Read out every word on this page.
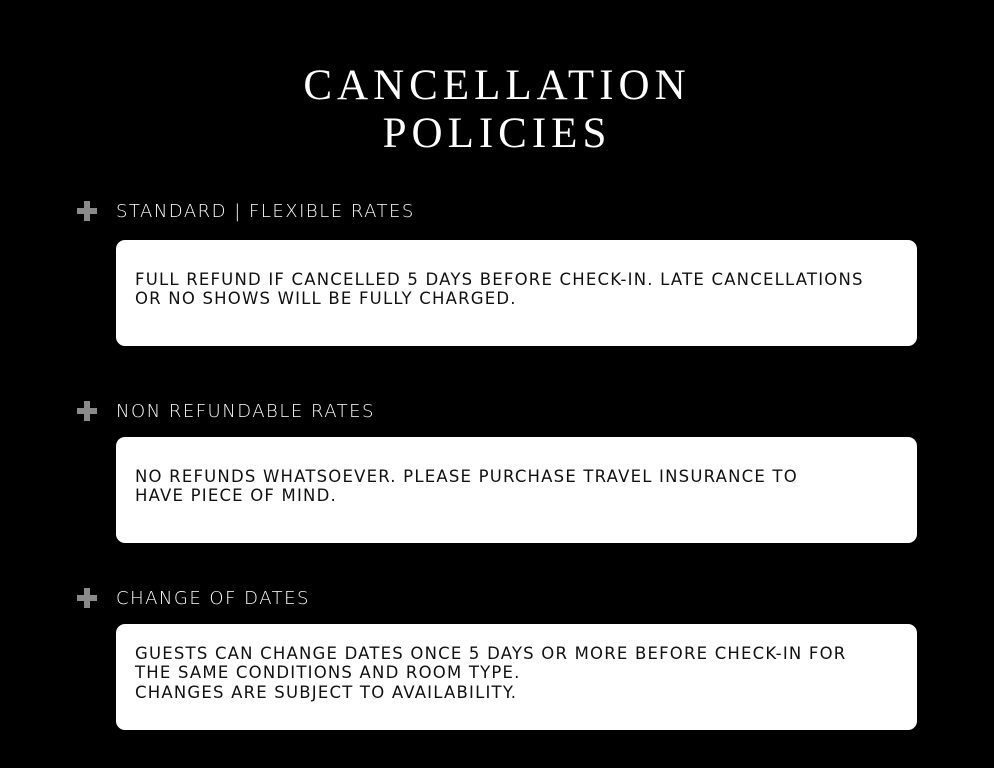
CANCELLATION
POLICIES
STANDARD | FLEXIBLE RATES
FULL REFUND IF CANCELLED 5 DAYS BEFORE CHECK-IN. LATE CANCELLATIONS
OR NO SHOWS WILL BE FULLY CHARGED.
NON REFUNDABLE RATES
NO REFUNDS WHATSOEVER. PLEASE PURCHASE TRAVEL INSURANCE TO
HAVE PIECE OF MIND.
CHANGE OF DATES
GUESTS CAN CHANGE DATES ONCE 5 DAYS OR MORE BEFORE CHECK-IN FOR
THE SAME CONDITIONS AND ROOM TYPE.
CHANGES ARE SUBJECT TO AVAILABILITY.
